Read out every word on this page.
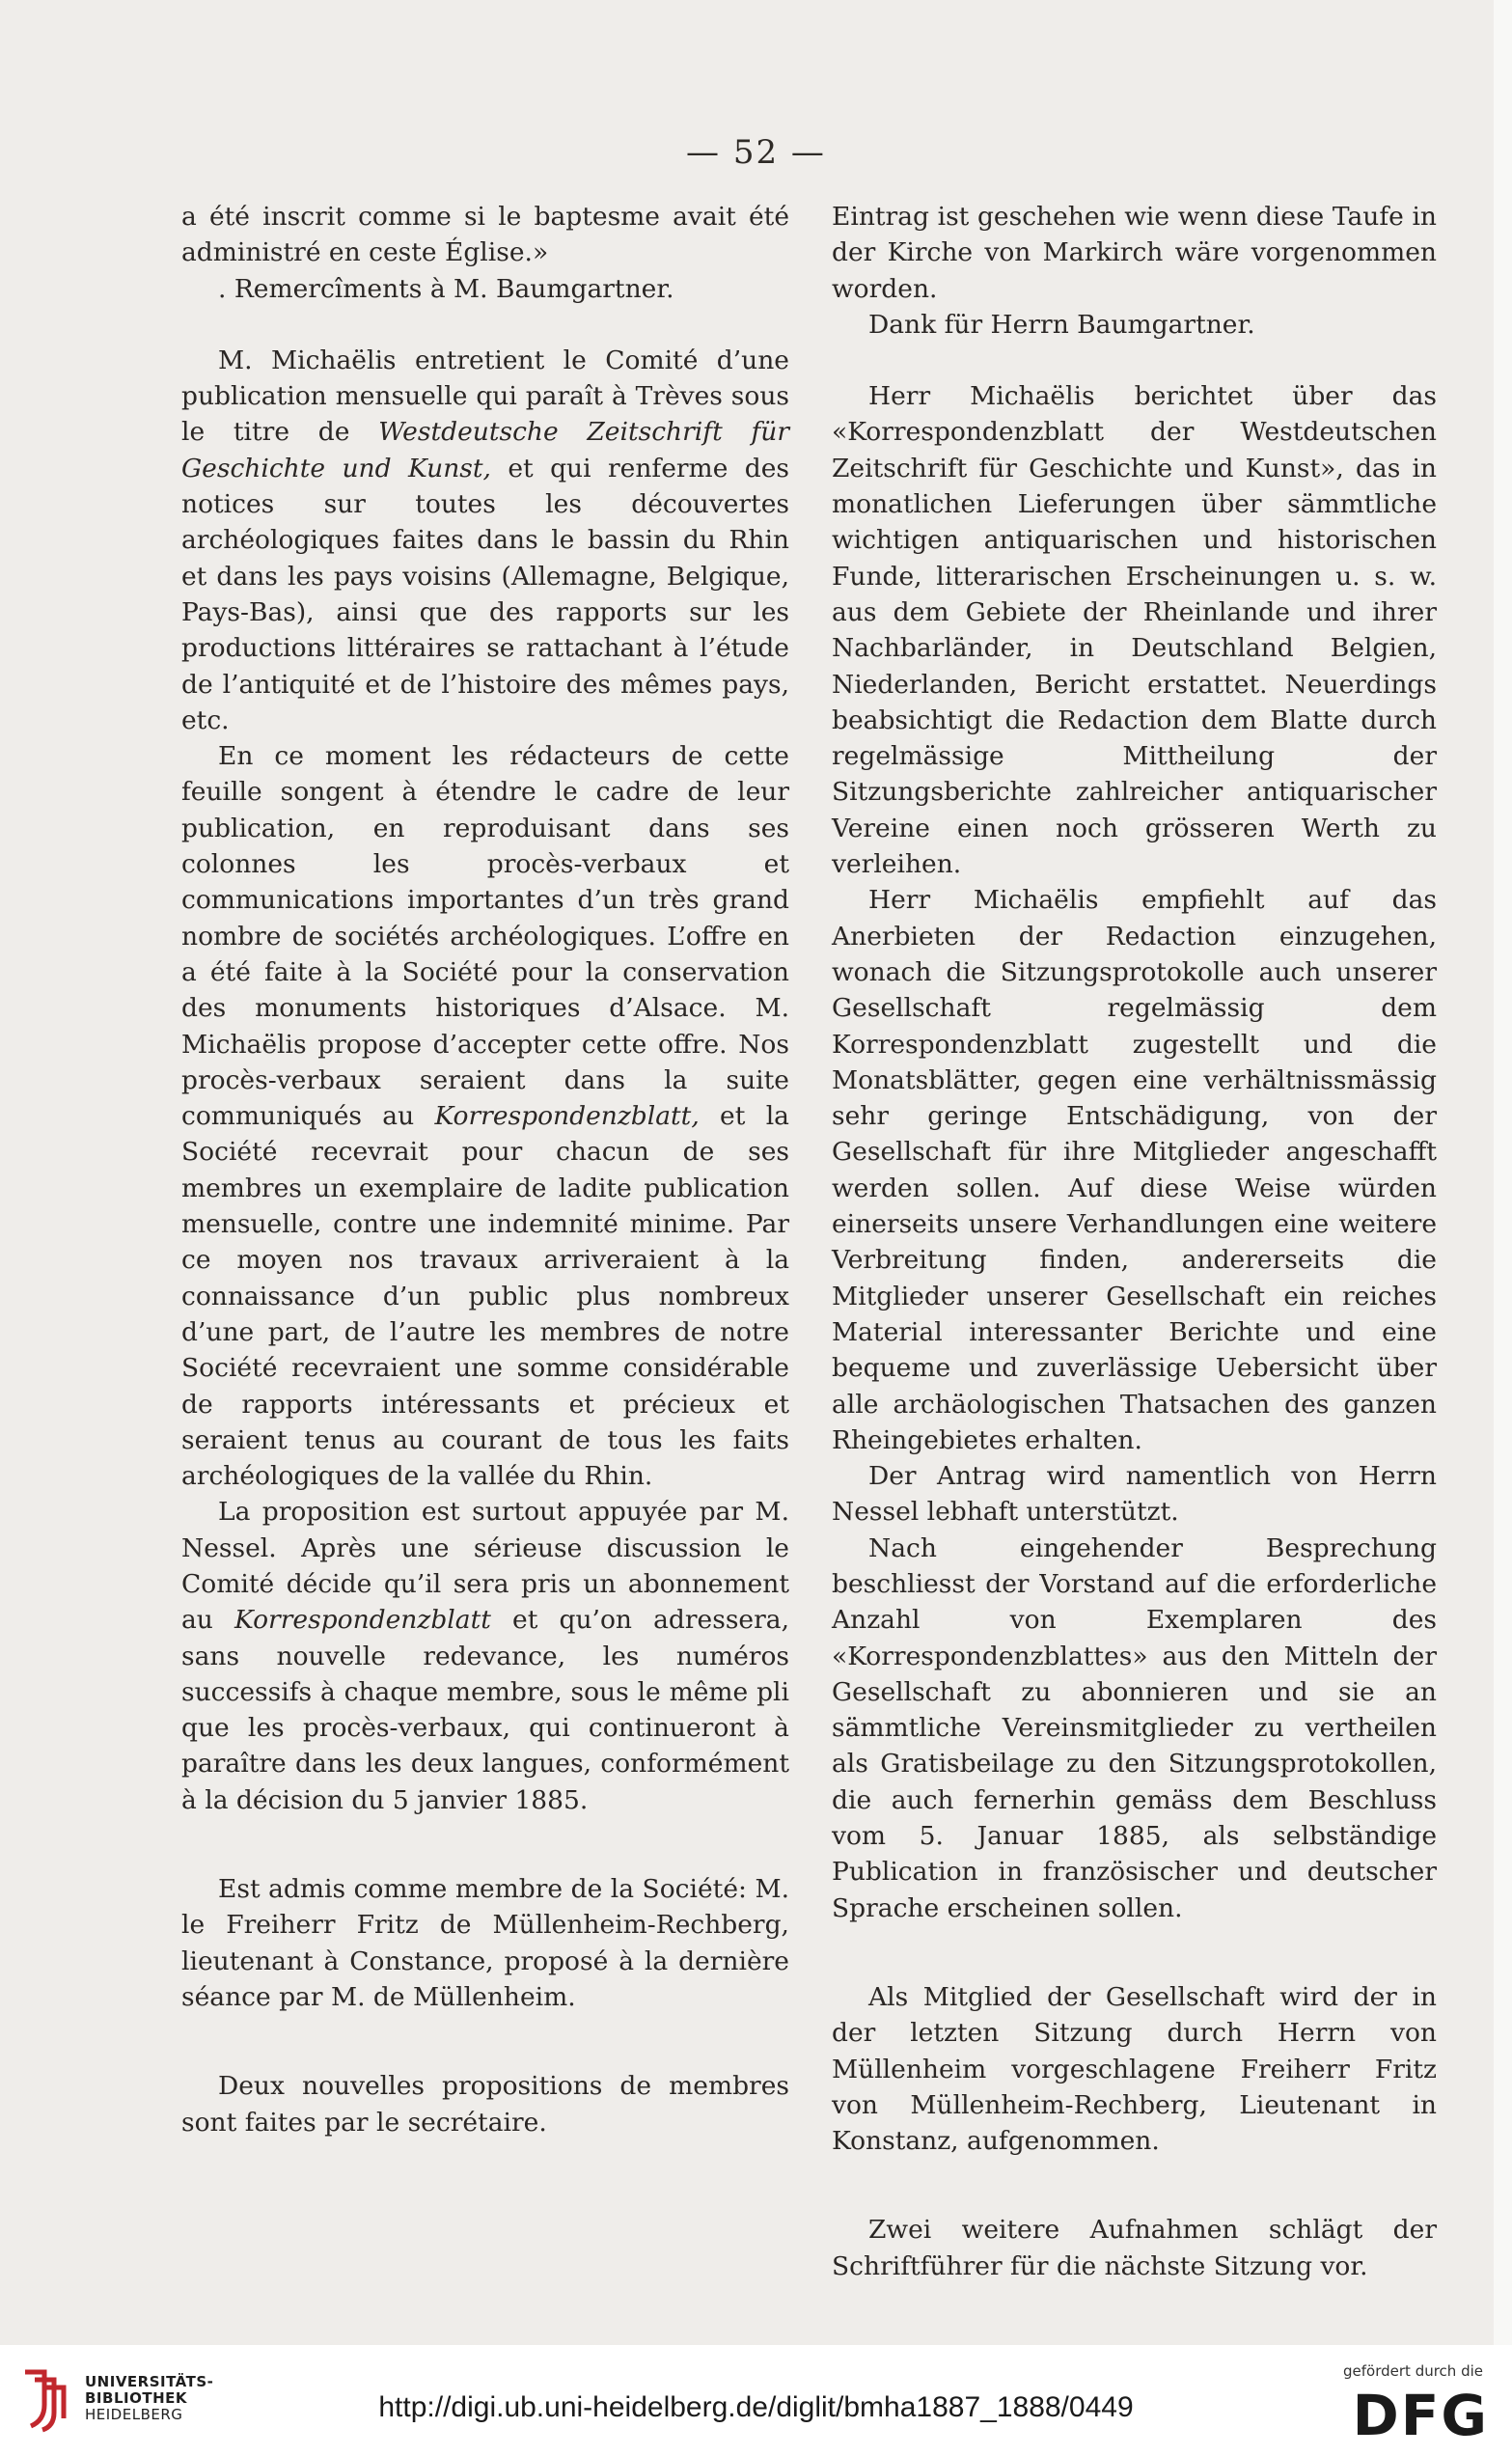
— 52 —

a été inscrit comme si le baptesme avait été administré en ceste Église.»

. Remercîments à M. Baumgartner.

M. Michaëlis entretient le Comité d’une publication mensuelle qui paraît à Trèves sous le titre de Westdeutsche Zeitschrift für Geschichte und Kunst, et qui renferme des notices sur toutes les découvertes archéologiques faites dans le bassin du Rhin et dans les pays voisins (Allemagne, Belgique, Pays-Bas), ainsi que des rapports sur les productions littéraires se rattachant à l’étude de l’antiquité et de l’histoire des mêmes pays, etc.

En ce moment les rédacteurs de cette feuille songent à étendre le cadre de leur publication, en reproduisant dans ses colonnes les procès-verbaux et communications importantes d’un très grand nombre de sociétés archéologiques. L’offre en a été faite à la Société pour la conservation des monuments historiques d’Alsace. M. Michaëlis propose d’accepter cette offre. Nos procès-verbaux seraient dans la suite communiqués au Korrespondenzblatt, et la Société recevrait pour chacun de ses membres un exemplaire de ladite publication mensuelle, contre une indemnité minime. Par ce moyen nos travaux arriveraient à la connaissance d’un public plus nombreux d’une part, de l’autre les membres de notre Société recevraient une somme considérable de rapports intéressants et précieux et seraient tenus au courant de tous les faits archéologiques de la vallée du Rhin.

La proposition est surtout appuyée par M. Nessel. Après une sérieuse discussion le Comité décide qu’il sera pris un abonnement au Korrespondenzblatt et qu’on adressera, sans nouvelle redevance, les numéros successifs à chaque membre, sous le même pli que les procès-verbaux, qui continueront à paraître dans les deux langues, conformément à la décision du 5 janvier 1885.

Est admis comme membre de la Société: M. le Freiherr Fritz de Müllenheim-Rechberg, lieutenant à Constance, proposé à la dernière séance par M. de Müllenheim.

Deux nouvelles propositions de membres sont faites par le secrétaire.

Eintrag ist geschehen wie wenn diese Taufe in der Kirche von Markirch wäre vorgenommen worden.

Dank für Herrn Baumgartner.

Herr Michaëlis berichtet über das «Korrespondenzblatt der Westdeutschen Zeitschrift für Geschichte und Kunst», das in monatlichen Lieferungen über sämmtliche wichtigen antiquarischen und historischen Funde, litterarischen Erscheinungen u. s. w. aus dem Gebiete der Rheinlande und ihrer Nachbarländer, in Deutschland Belgien, Niederlanden, Bericht erstattet. Neuerdings beabsichtigt die Redaction dem Blatte durch regelmässige Mittheilung der Sitzungsberichte zahlreicher antiquarischer Vereine einen noch grösseren Werth zu verleihen.

Herr Michaëlis empfiehlt auf das Anerbieten der Redaction einzugehen, wonach die Sitzungsprotokolle auch unserer Gesellschaft regelmässig dem Korrespondenzblatt zugestellt und die Monatsblätter, gegen eine verhältnissmässig sehr geringe Entschädigung, von der Gesellschaft für ihre Mitglieder angeschafft werden sollen. Auf diese Weise würden einerseits unsere Verhandlungen eine weitere Verbreitung finden, andererseits die Mitglieder unserer Gesellschaft ein reiches Material interessanter Berichte und eine bequeme und zuverlässige Uebersicht über alle archäologischen Thatsachen des ganzen Rheingebietes erhalten.

Der Antrag wird namentlich von Herrn Nessel lebhaft unterstützt.

Nach eingehender Besprechung beschliesst der Vorstand auf die erforderliche Anzahl von Exemplaren des «Korrespondenzblattes» aus den Mitteln der Gesellschaft zu abonnieren und sie an sämmtliche Vereinsmitglieder zu vertheilen als Gratisbeilage zu den Sitzungsprotokollen, die auch fernerhin gemäss dem Beschluss vom 5. Januar 1885, als selbständige Publication in französischer und deutscher Sprache erscheinen sollen.

Als Mitglied der Gesellschaft wird der in der letzten Sitzung durch Herrn von Müllenheim vorgeschlagene Freiherr Fritz von Müllenheim-Rechberg, Lieutenant in Konstanz, aufgenommen.

Zwei weitere Aufnahmen schlägt der Schriftführer für die nächste Sitzung vor.

UNIVERSITÄTS-
BIBLIOTHEK
HEIDELBERG	http://digi.ub.uni-heidelberg.de/diglit/bmha1887_1888/0449
gefördert durch die
DFG
